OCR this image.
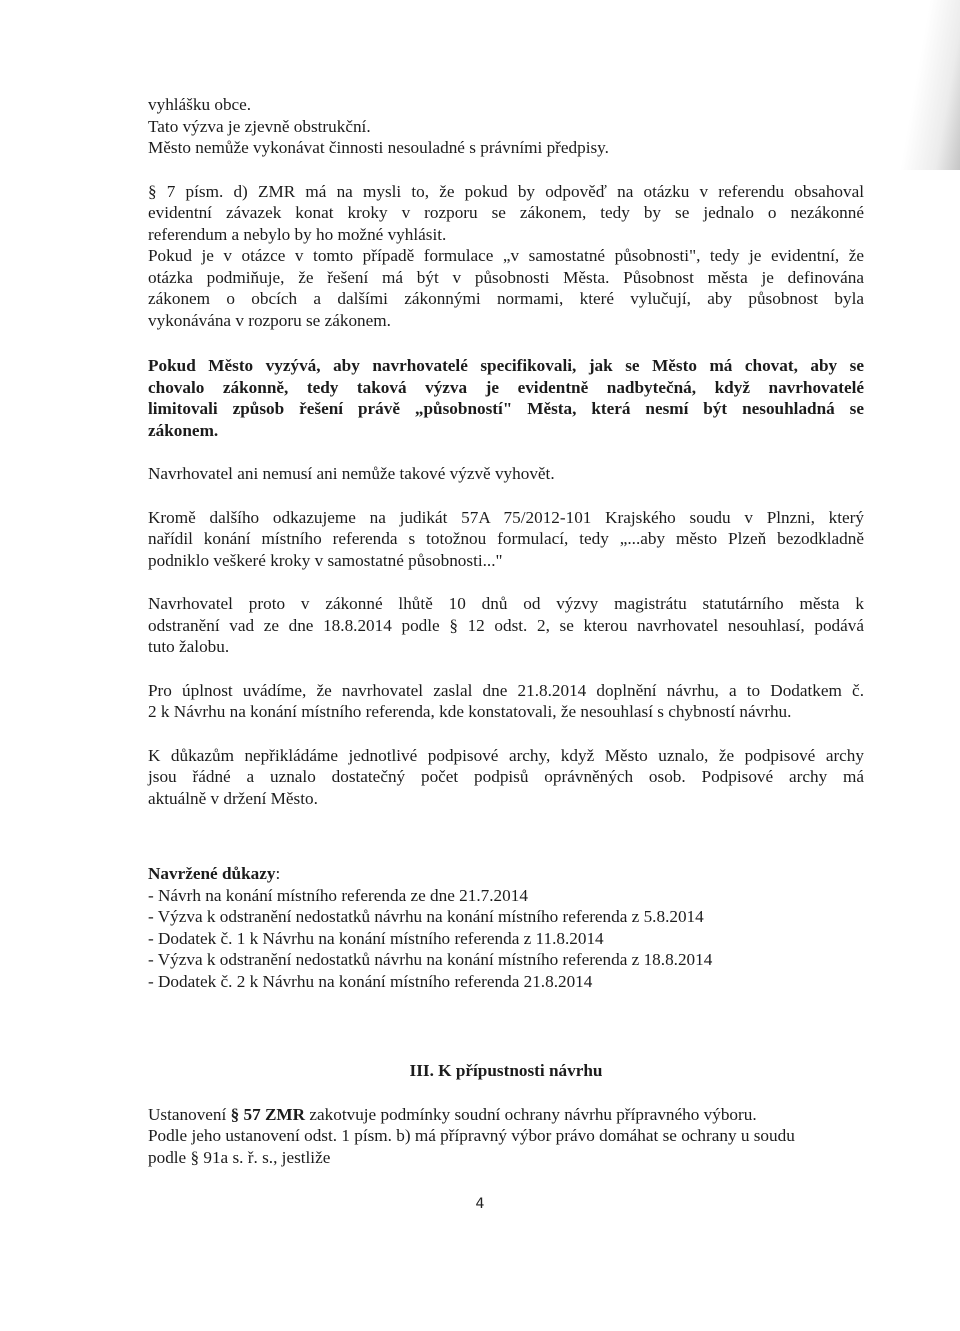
vyhlášku obce.
Tato výzva je zjevně obstrukční.
Město nemůže vykonávat činnosti nesouladné s právními předpisy.
§ 7 písm. d) ZMR má na mysli to, že pokud by odpověď na otázku v referendu obsahoval
evidentní závazek konat kroky v rozporu se zákonem, tedy by se jednalo o nezákonné
referendum a nebylo by ho možné vyhlásit.
Pokud je v otázce v tomto případě formulace „v samostatné působnosti", tedy je evidentní, že
otázka podmiňuje, že řešení má být v působnosti Města. Působnost města je definována
zákonem o obcích a dalšími zákonnými normami, které vylučují, aby působnost byla
vykonávána v rozporu se zákonem.
Pokud Město vyzývá, aby navrhovatelé specifikovali, jak se Město má chovat, aby se
chovalo zákonně, tedy taková výzva je evidentně nadbytečná, když navrhovatelé
limitovali způsob řešení právě „působností" Města, která nesmí být nesouhladná se
zákonem.
Navrhovatel ani nemusí ani nemůže takové výzvě vyhovět.
Kromě dalšího odkazujeme na judikát 57A 75/2012-101 Krajského soudu v Plnzni, který
nařídil konání místního referenda s totožnou formulací, tedy „...aby město Plzeň bezodkladně
podniklo veškeré kroky v samostatné působnosti..."
Navrhovatel proto v zákonné lhůtě 10 dnů od výzvy magistrátu statutárního města k
odstranění vad ze dne 18.8.2014 podle § 12 odst. 2, se kterou navrhovatel nesouhlasí, podává
tuto žalobu.
Pro úplnost uvádíme, že navrhovatel zaslal dne 21.8.2014 doplnění návrhu, a to Dodatkem č.
2 k Návrhu na konání místního referenda, kde konstatovali, že nesouhlasí s chybností návrhu.
K důkazům nepřikládáme jednotlivé podpisové archy, když Město uznalo, že podpisové archy
jsou řádné a uznalo dostatečný počet podpisů oprávněných osob. Podpisové archy má
aktuálně v držení Město.
Navržené důkazy:
- Návrh na konání místního referenda ze dne 21.7.2014
- Výzva k odstranění nedostatků návrhu na konání místního referenda z 5.8.2014
- Dodatek č. 1 k Návrhu na konání místního referenda z 11.8.2014
- Výzva k odstranění nedostatků návrhu na konání místního referenda z 18.8.2014
- Dodatek č. 2 k Návrhu na konání místního referenda 21.8.2014
III. K přípustnosti návrhu
Ustanovení § 57 ZMR zakotvuje podmínky soudní ochrany návrhu přípravného výboru.
Podle jeho ustanovení odst. 1 písm. b) má přípravný výbor právo domáhat se ochrany u soudu
podle § 91a s. ř. s., jestliže
4
